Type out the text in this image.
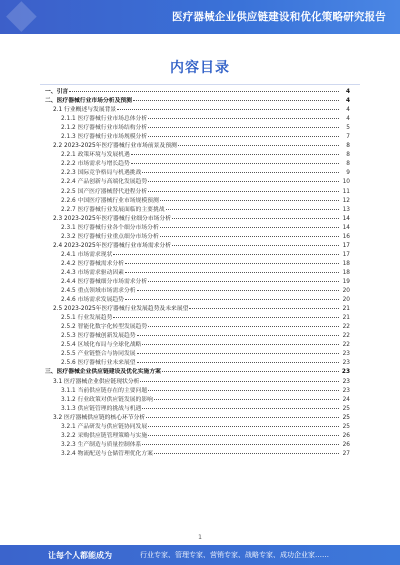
◆	医疗器械企业供应链建设和优化策略研究报告
内容目录
一、引言	4
二、医疗器械行业市场分析及预测	4
2.1 行业概述与发展背景	4
2.1.1 医疗器械行业市场总体分析	4
2.1.2 医疗器械行业市场结构分析	5
2.1.3 医疗器械行业市场规模分析	7
2.2 2023-2025年医疗器械行业市场前景及预测	8
2.2.1 政策环境与发展机遇	8
2.2.2 市场需求与增长趋势	8
2.2.3 国际竞争格局与机遇挑战	9
2.2.4 产品创新与高端化发展趋势	10
2.2.5 国产医疗器械替代进程分析	11
2.2.6 中国医疗器械行业市场规模预测	12
2.2.7 医疗器械行业发展面临的主要挑战	13
2.3 2023-2025年医疗器械行业细分市场分析	14
2.3.1 医疗器械行业各个细分市场分析	14
2.3.2 医疗器械行业重点细分市场分析	16
2.4 2023-2025年医疗器械行业市场需求分析	17
2.4.1 市场需求现状	17
2.4.2 医疗器械需求分析	18
2.4.3 市场需求驱动因素	18
2.4.4 医疗器械细分市场需求分析	19
2.4.5 重点领域市场需求分析	20
2.4.6 市场需求发展趋势	20
2.5 2023-2025年医疗器械行业发展趋势及未来展望	21
2.5.1 行业发展趋势	21
2.5.2 智能化数字化转型发展趋势	22
2.5.3 医疗器械创新发展趋势	22
2.5.4 区域化布局与全球化战略	22
2.5.5 产业链整合与协同发展	23
2.5.6 医疗器械行业未来展望	23
三、医疗器械企业供应链建设及优化实施方案	23
3.1 医疗器械企业供应链现状分析	23
3.1.1 当前供应链存在的主要问题	23
3.1.2 行业政策对供应链发展的影响	24
3.1.3 供应链管理的挑战与机遇	25
3.2 医疗器械供应链的核心环节分析	25
3.2.1 产品研发与供应链协同发展	25
3.2.2 采购供应链管理策略与实施	26
3.2.3 生产制造与质量控制体系	26
3.2.4 物流配送与仓储管理优化方案	27
1
让每个人都能成为	行业专家、管理专家、营销专家、战略专家、成功企业家……
